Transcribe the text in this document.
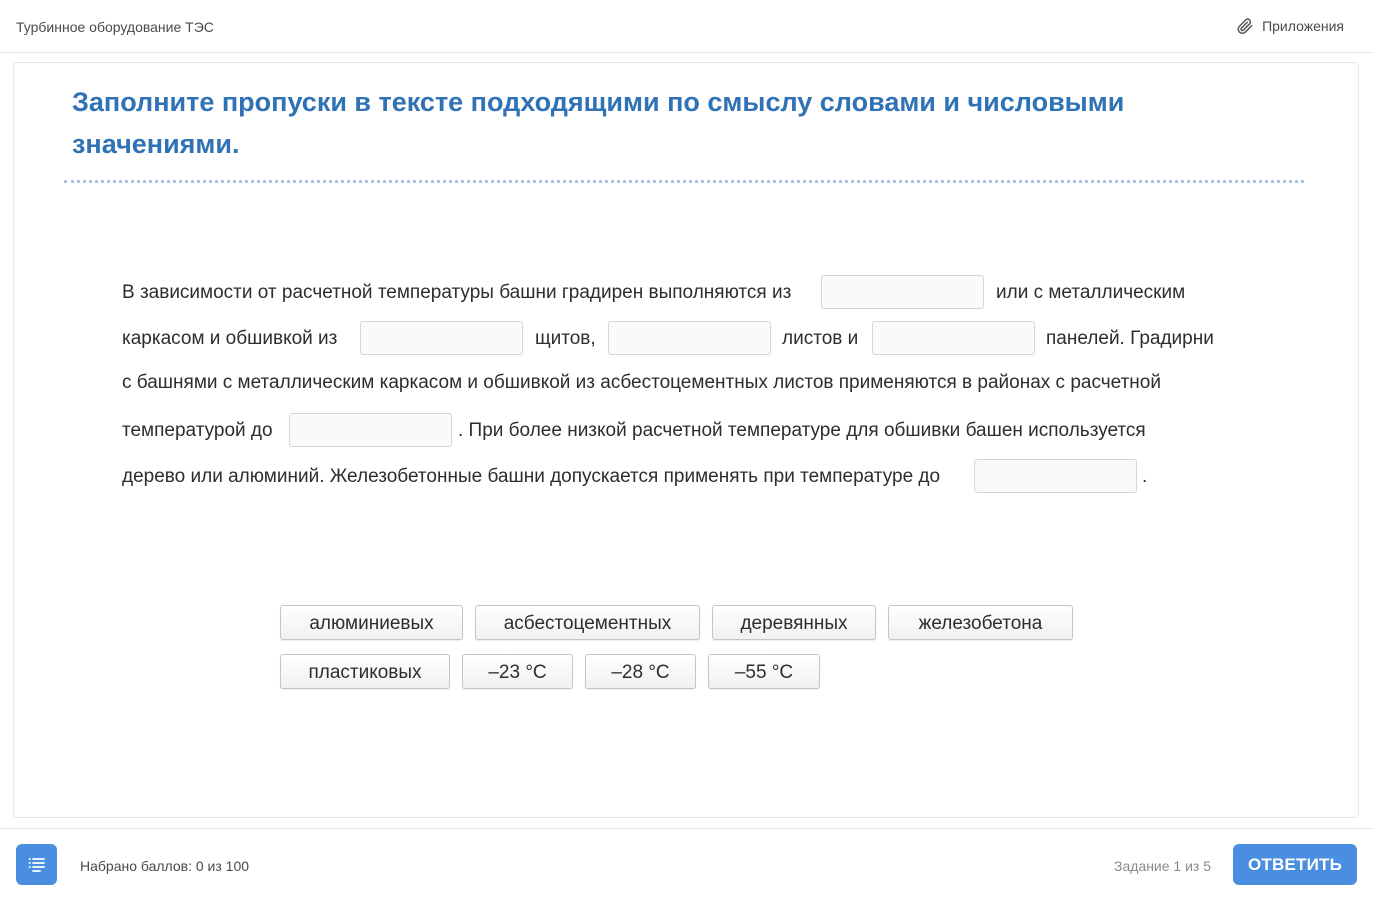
Турбинное оборудование ТЭС	Приложения
Заполните пропуски в тексте подходящими по смыслу словами и числовыми значениями.
В зависимости от расчетной температуры башни градирен выполняются из	или с металлическим
каркасом и обшивкой из	щитов,	листов и	панелей. Градирни
с башнями с металлическим каркасом и обшивкой из асбестоцементных листов применяются в районах с расчетной
температурой до	. При более низкой расчетной температуре для обшивки башен используется
дерево или алюминий. Железобетонные башни допускается применять при температуре до	.
алюминиевых	асбестоцементных	деревянных	железобетона
пластиковых	–23 °C	–28 °C	–55 °C
Набрано баллов: 0 из 100	Задание 1 из 5	ОТВЕТИТЬ
